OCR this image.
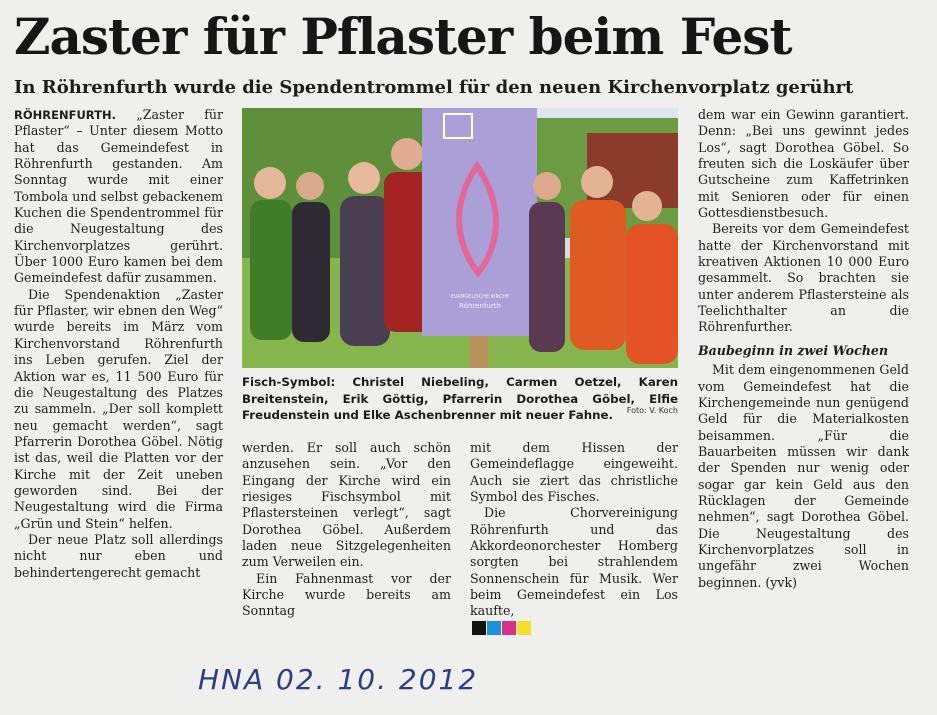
Zaster für Pflaster beim Fest
In Röhrenfurth wurde die Spendentrommel für den neuen Kirchenvorplatz gerührt

RÖHRENFURTH. „Zaster für Pflaster“ – Unter diesem Motto hat das Gemeindefest in Röhrenfurth gestanden. Am Sonntag wurde mit einer Tombola und selbst gebackenem Kuchen die Spendentrommel für die Neugestaltung des Kirchenvorplatzes gerührt. Über 1000 Euro kamen bei dem Gemeindefest dafür zusammen.

Die Spendenaktion „Zaster für Pflaster, wir ebnen den Weg“ wurde bereits im März vom Kirchenvorstand Röhrenfurth ins Leben gerufen. Ziel der Aktion war es, 11 500 Euro für die Neugestaltung des Platzes zu sammeln. „Der soll komplett neu gemacht werden“, sagt Pfarrerin Dorothea Göbel. Nötig ist das, weil die Platten vor der Kirche mit der Zeit uneben geworden sind. Bei der Neugestaltung wird die Firma „Grün und Stein“ helfen.

Der neue Platz soll allerdings nicht nur eben und behindertengerecht gemacht

EVANGELISCHE KIRCHE
Röhrenfurth
Fisch-Symbol: Christel Niebeling, Carmen Oetzel, Karen Breitenstein, Erik Göttig, Pfarrerin Dorothea Göbel, Elfie Freudenstein und Elke Aschenbrenner mit neuer Fahne.	Foto: V. Koch

werden. Er soll auch schön anzusehen sein. „Vor den Eingang der Kirche wird ein riesiges Fischsymbol mit Pflastersteinen verlegt“, sagt Dorothea Göbel. Außerdem laden neue Sitzgelegenheiten zum Verweilen ein.

Ein Fahnenmast vor der Kirche wurde bereits am Sonntag

mit dem Hissen der Gemeindeflagge eingeweiht. Auch sie ziert das christliche Symbol des Fisches.

Die Chorvereinigung Röhrenfurth und das Akkordeonorchester Homberg sorgten bei strahlendem Sonnenschein für Musik. Wer beim Gemeindefest ein Los kaufte,

dem war ein Gewinn garantiert. Denn: „Bei uns gewinnt jedes Los“, sagt Dorothea Göbel. So freuten sich die Loskäufer über Gutscheine zum Kaffetrinken mit Senioren oder für einen Gottesdienstbesuch.

Bereits vor dem Gemeindefest hatte der Kirchenvorstand mit kreativen Aktionen 10 000 Euro gesammelt. So brachten sie unter anderem Pflastersteine als Teelichthalter an die Röhrenfurther.

Baubeginn in zwei Wochen

Mit dem eingenommenen Geld vom Gemeindefest hat die Kirchengemeinde nun genügend Geld für die Materialkosten beisammen. „Für die Bauarbeiten müssen wir dank der Spenden nur wenig oder sogar gar kein Geld aus den Rücklagen der Gemeinde nehmen“, sagt Dorothea Göbel. Die Neugestaltung des Kirchenvorplatzes soll in ungefähr zwei Wochen beginnen. (yvk)

HNA 02. 10. 2012
